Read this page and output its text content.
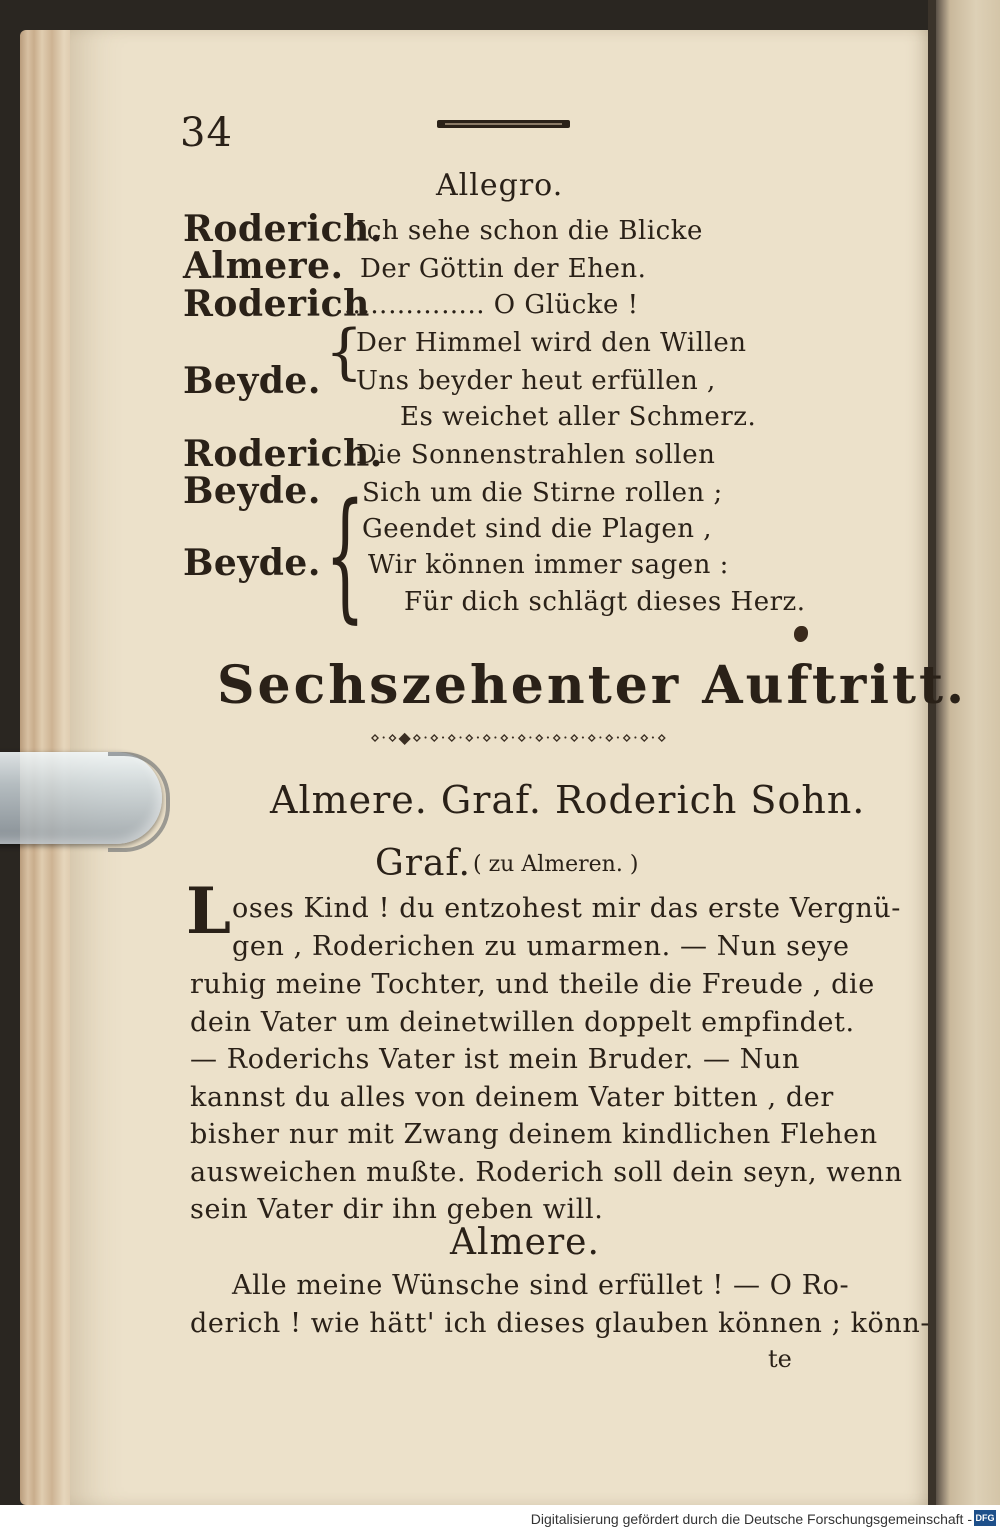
34
Allegro.
Roderich.
Ich sehe schon die Blicke
Almere. Der Göttin der Ehen.
Roderich
…………….. O Glücke !
{
Der Himmel wird den Willen
Beyde. Uns beyder heut erfüllen ,
Es weichet aller Schmerz.
Roderich.
Die Sonnenstrahlen sollen
{
Beyde. Sich um die Stirne rollen ;
Geendet sind die Plagen ,
Beyde. Wir können immer sagen :
Für dich schlägt dieses Herz.
Sechszehenter Auftritt.
⋄⋅⋄◆⋄⋅⋄⋅⋄⋅⋄⋅⋄⋅⋄⋅⋄⋅⋄⋅⋄⋅⋄⋅⋄⋅⋄⋅⋄⋅⋄⋅⋄
Almere. Graf. Roderich Sohn.
Graf. ( zu Almeren. )
L oses Kind ! du entzohest mir das erste Vergnü-
gen , Roderichen zu umarmen. — Nun seye
ruhig meine Tochter, und theile die Freude , die
dein Vater um deinetwillen doppelt empfindet.
— Roderichs Vater ist mein Bruder. — Nun
kannst du alles von deinem Vater bitten , der
bisher nur mit Zwang deinem kindlichen Flehen
ausweichen mußte. Roderich soll dein seyn, wenn
sein Vater dir ihn geben will.
Almere.
Alle meine Wünsche sind erfüllet ! — O Ro-
derich ! wie hätt' ich dieses glauben können ; könn-
te
Digitalisierung gefördert durch die Deutsche Forschungsgemeinschaft - DFG
